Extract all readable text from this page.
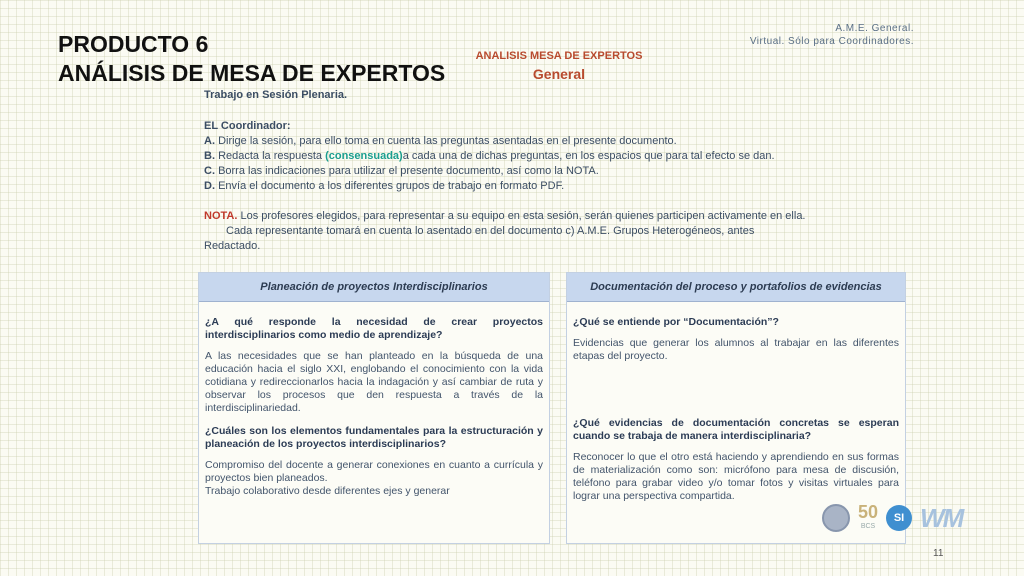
PRODUCTO 6
ANÁLISIS DE MESA DE EXPERTOS
A.M.E. General.
Virtual. Sólo para Coordinadores.
ANALISIS MESA DE EXPERTOS
General
Trabajo en Sesión Plenaria.
EL Coordinador:
A. Dirige la sesión, para ello toma en cuenta las preguntas asentadas en el presente documento.
B. Redacta la respuesta (consensuada)a cada una de dichas preguntas, en los espacios que para tal efecto se dan.
C. Borra las indicaciones para utilizar el presente documento, así como la NOTA.
D. Envía el documento a los diferentes grupos de trabajo en formato PDF.
NOTA. Los profesores elegidos, para representar a su equipo en esta sesión, serán quienes participen activamente en ella.
Cada representante tomará en cuenta lo asentado en del documento c) A.M.E. Grupos Heterogéneos, antes
Redactado.
Planeación de proyectos Interdisciplinarios
¿A qué responde la necesidad de crear proyectos interdisciplinarios como medio de aprendizaje?
A las necesidades que se han planteado en la búsqueda de una educación hacia el siglo XXI, englobando el conocimiento con la vida cotidiana y redireccionarlos hacia la indagación y así cambiar de ruta y observar los procesos que den respuesta a través de la interdisciplinariedad.
¿Cuáles son los elementos fundamentales para la estructuración y planeación de los proyectos interdisciplinarios?
Compromiso del docente a generar conexiones en cuanto a currícula y proyectos bien planeados.
Trabajo colaborativo desde diferentes ejes y generar
Documentación del proceso y portafolios de evidencias
¿Qué se entiende por “Documentación”?
Evidencias que generar los alumnos al trabajar en las diferentes etapas del proyecto.
¿Qué evidencias de documentación concretas se esperan cuando se trabaja de manera interdisciplinaria?
Reconocer lo que el otro está haciendo y aprendiendo en sus formas de materialización como son: micrófono para mesa de discusión, teléfono para grabar video y/o tomar fotos y visitas virtuales para lograr una perspectiva compartida.
50
BCS
SI WM
11
